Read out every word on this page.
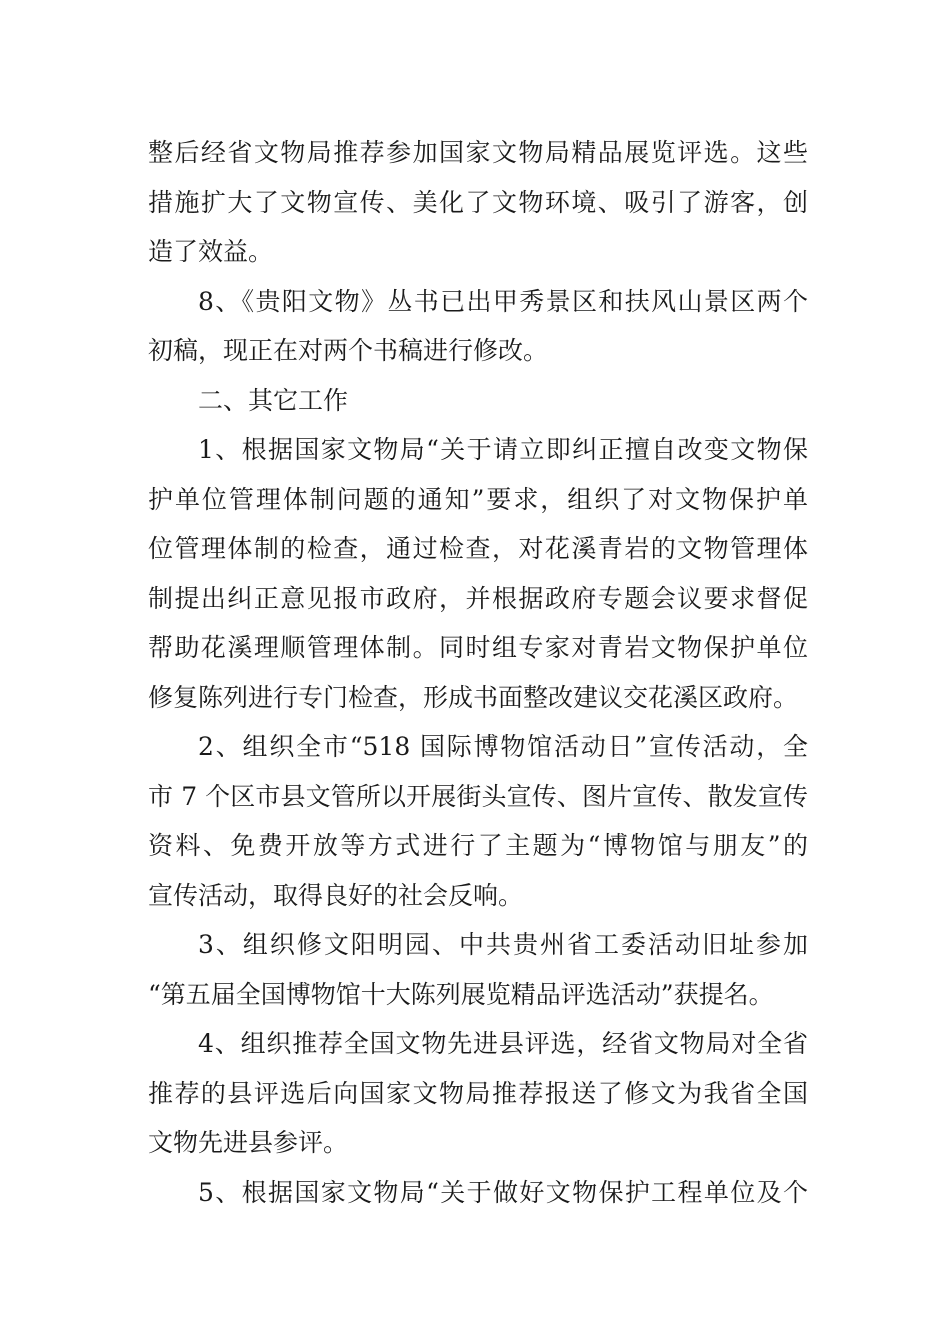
整后经省文物局推荐参加国家文物局精品展览评选。这些
措施扩大了文物宣传、美化了文物环境、吸引了游客，创
造了效益。
8、《贵阳文物》丛书已出甲秀景区和扶风山景区两个
初稿，现正在对两个书稿进行修改。
二、其它工作
1、根据国家文物局“关于请立即纠正擅自改变文物保
护单位管理体制问题的通知”要求，组织了对文物保护单
位管理体制的检查，通过检查，对花溪青岩的文物管理体
制提出纠正意见报市政府，并根据政府专题会议要求督促
帮助花溪理顺管理体制。同时组专家对青岩文物保护单位
修复陈列进行专门检查，形成书面整改建议交花溪区政府。
2、组织全市“518 国际博物馆活动日”宣传活动，全
市 7 个区市县文管所以开展街头宣传、图片宣传、散发宣传
资料、免费开放等方式进行了主题为“博物馆与朋友”的
宣传活动，取得良好的社会反响。
3、组织修文阳明园、中共贵州省工委活动旧址参加
“第五届全国博物馆十大陈列展览精品评选活动”获提名。
4、组织推荐全国文物先进县评选，经省文物局对全省
推荐的县评选后向国家文物局推荐报送了修文为我省全国
文物先进县参评。
5、根据国家文物局“关于做好文物保护工程单位及个
